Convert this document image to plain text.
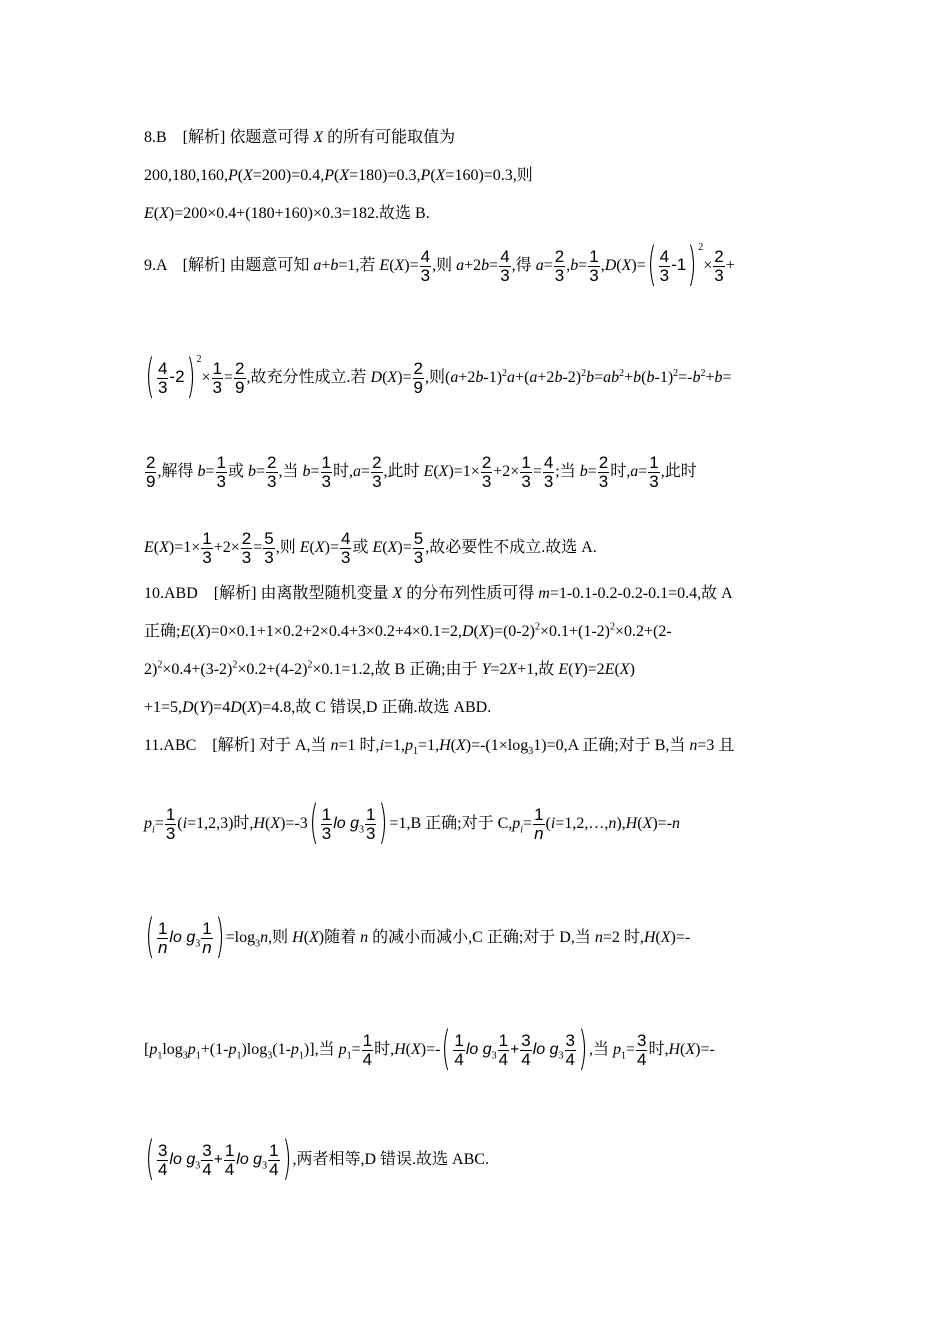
8.B　[解析] 依题意可得 X 的所有可能取值为
200,180,160,P(X=200)=0.4,P(X=180)=0.3,P(X=160)=0.3,则
E(X)=200×0.4+(180+160)×0.3=182.故选 B.
9.A　[解析] 由题意可知 a+b=1,若 $E(X)= \frac{4}{3}$ ,则 $a+2b= \frac{4}{3}$ ,得 $a= \frac{2}{3} ,b= \frac{1}{3} ,D(X)=( \frac{4}{3} -1)^2\times \frac{2}{3}$ +
( $\frac{4}{3} -2)^2\times \frac{1}{3} = \frac{2}{9}$ ,故充分性成立.若 $D(X)= \frac{2}{9}$ ,则$(a+2b-1)^2a+(a+2b-2)^2b=ab^2+b(b-1)^2=-b^2+b=$
$\frac{2}{9}$ ,解得 $b= \frac{1}{3}$ 或 $b= \frac{2}{3}$ ,当 $b= \frac{1}{3}$ 时$,a= \frac{2}{3}$ ,此时 $E(X)=1\times \frac{2}{3} +2\times \frac{1}{3} = \frac{4}{3}$ ;当 $b= \frac{2}{3}$ 时$,a= \frac{1}{3}$ ,此时
$E(X)=1\times \frac{1}{3} +2\times \frac{2}{3} = \frac{5}{3}$ ,则 $E(X)= \frac{4}{3}$ 或 $E(X)= \frac{5}{3}$ ,故必要性不成立.故选 A.
10.ABD　[解析] 由离散型随机变量 X 的分布列性质可得 m=1-0.1-0.2-0.2-0.1=0.4,故 A
正确$;E(X)=0\times 0.1+1\times 0.2+2\times 0.4+3\times 0.2+4\times 0.1=2,D(X)=(0-2)^2\times 0.1+(1-2)^2\times 0.2+(2-$
$2)^2\times 0.4+(3-2)^2\times 0.2+(4-2)^2\times 0.1=1.2$,故 B 正确;由于 Y=2X+1,故 E(Y)=2E(X)
+1=5,D(Y)=4D(X)=4.8,故 C 错误,D 正确.故选 ABD.
11.ABC　[解析] 对于 A,当 n=1 时$,i=1,p_1=1,H(X)=-(1\times\log_31)=0,A$ 正确;对于 B,当 n=3 且
$p_i= \frac{1}{3} (i=1,2,3)$时$,H(X)=-3( \frac{1}{3}$ lo $g_3 \frac{1}{3} )=1,B$ 正确;对于 $C,p_i= \frac{1}{n}$ (i=1,2,…,n),H(X)=-n
( $\frac{1}{n}$ lo $g_3 \frac{1}{n} )=\log_3n$,则 H(X)随着 n 的减小而减小,C 正确;对于 D,当 n=2 时,H(X)=-
$[p_1\log_3p_1+(1-p_1)\log_3(1-p_1)]$,当 $p_1= \frac{1}{4}$ 时$,H(X)=-( \frac{1}{4}$ lo $g_3 \frac{1}{4} + \frac{3}{4}$ lo $g_3 \frac{3}{4}$ ),当 $p_1= \frac{3}{4}$ 时,H(X)=-
( $\frac{3}{4}$ lo $g_3 \frac{3}{4} + \frac{1}{4}$ lo $g_3 \frac{1}{4}$ ),两者相等,D 错误.故选 ABC.
